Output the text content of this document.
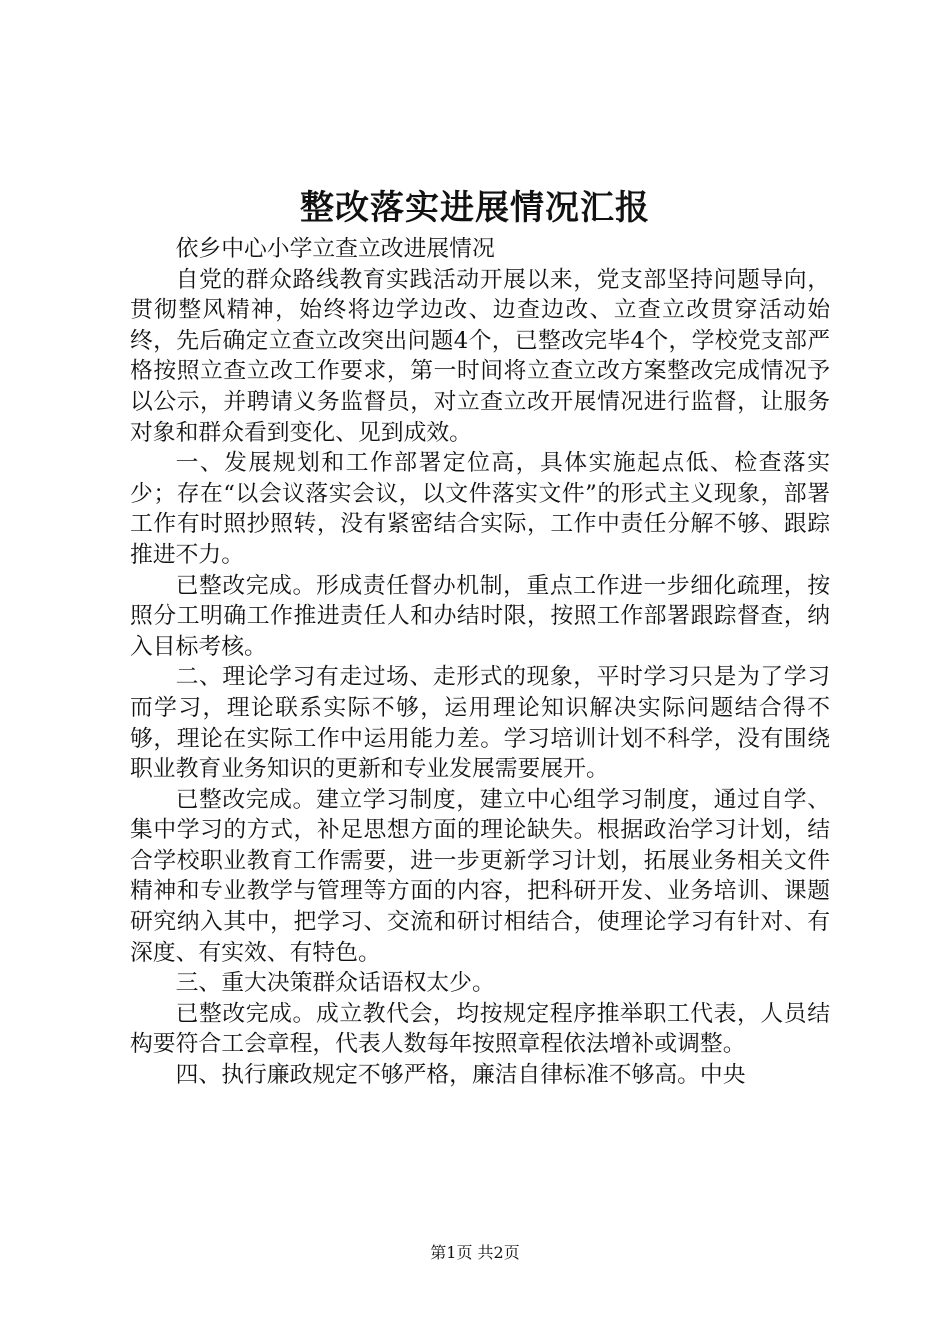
整改落实进展情况汇报

依乡中心小学立查立改进展情况

自党的群众路线教育实践活动开展以来，党支部坚持问题导向，贯彻整风精神，始终将边学边改、边查边改、立查立改贯穿活动始终，先后确定立查立改突出问题4个，已整改完毕4个，学校党支部严格按照立查立改工作要求，第一时间将立查立改方案整改完成情况予以公示，并聘请义务监督员，对立查立改开展情况进行监督，让服务对象和群众看到变化、见到成效。

一、发展规划和工作部署定位高，具体实施起点低、检查落实少；存在“以会议落实会议，以文件落实文件”的形式主义现象，部署工作有时照抄照转，没有紧密结合实际，工作中责任分解不够、跟踪推进不力。

已整改完成。形成责任督办机制，重点工作进一步细化疏理，按照分工明确工作推进责任人和办结时限，按照工作部署跟踪督查，纳入目标考核。

二、理论学习有走过场、走形式的现象，平时学习只是为了学习而学习，理论联系实际不够，运用理论知识解决实际问题结合得不够，理论在实际工作中运用能力差。学习培训计划不科学，没有围绕职业教育业务知识的更新和专业发展需要展开。

已整改完成。建立学习制度，建立中心组学习制度，通过自学、集中学习的方式，补足思想方面的理论缺失。根据政治学习计划，结合学校职业教育工作需要，进一步更新学习计划，拓展业务相关文件精神和专业教学与管理等方面的内容，把科研开发、业务培训、课题研究纳入其中，把学习、交流和研讨相结合，使理论学习有针对、有深度、有实效、有特色。

三、重大决策群众话语权太少。

已整改完成。成立教代会，均按规定程序推举职工代表，人员结构要符合工会章程，代表人数每年按照章程依法增补或调整。

四、执行廉政规定不够严格，廉洁自律标准不够高。中央

第1页 共2页
